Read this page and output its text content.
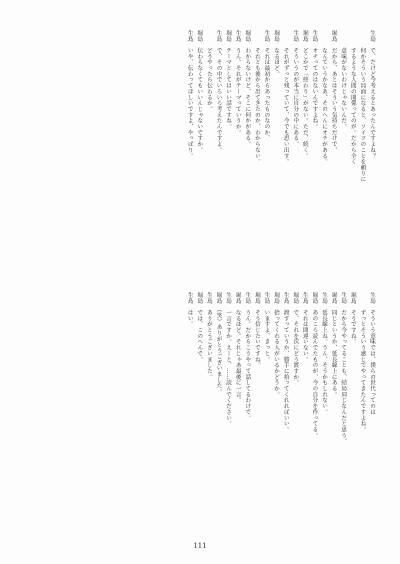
生島　で、だけど今考えるとあったんですよね？
　　　何かそういう局面になると、ソイツのことを頼りに
　　　するような人間の関係ってのが。だから全く
　　　意味がないわけじゃないんだ。
堀島　だから、あとはそういう気持ちだけで、
　　　なんていうかなあ、そのへんにオチがある。
生島　オチってのはないんですよね。
堀島　どこかで「終わり」がない。ただ、続く。
生島　そういうのが本当に自分の中にある。
　　　それがずっと残っていて、今でも思い出す。
堀島　なるほど。
生島　それは最初からあったものなのか、
　　　それとも後から出てきたのか、わからない。
堀島　わからないけど、そこに何かがある。
生島　うん。それがテーマっていうか。
堀島　テーマとしてはいい話ですね。
生島　で、その中でいろいろ考えたんですよ。
　　　どうやったら伝わるか。
堀島　伝わらなくてもいいんじゃないですか。
生島　いや、伝わってほしいですよ、やっぱり。
生島　そういう意味では、僕らの世代ってのは
　　　ずっとそういう感じでやってきたんですよね。
堀島　そうですね。
生島　だから今やってることも、結局同じなんだと思う。
堀島　同じというか、延長線上にある。
生島　延長線上ね。うん、そうかもしれない。
堀島　あのころ読んでたものが、今の自分を作ってる。
生島　それは間違いない。
堀島　で、それを次にどう渡すか。
生島　渡すっていうか、勝手に拾ってくれればいい。
堀島　拾ってくれる人がいるかどうか。
生島　いますよ、きっと。
堀島　そう信じたいですね。
生島　うん。だからこうやって話してるわけで。
堀島　なるほど。それじゃあ最後に一言。
生島　一言ですか。えーと、……読んでください。
堀島　（笑）ありがとうございました。
生島　ありがとうございました。
堀島　では、このへんで。
生島　はい。
111
